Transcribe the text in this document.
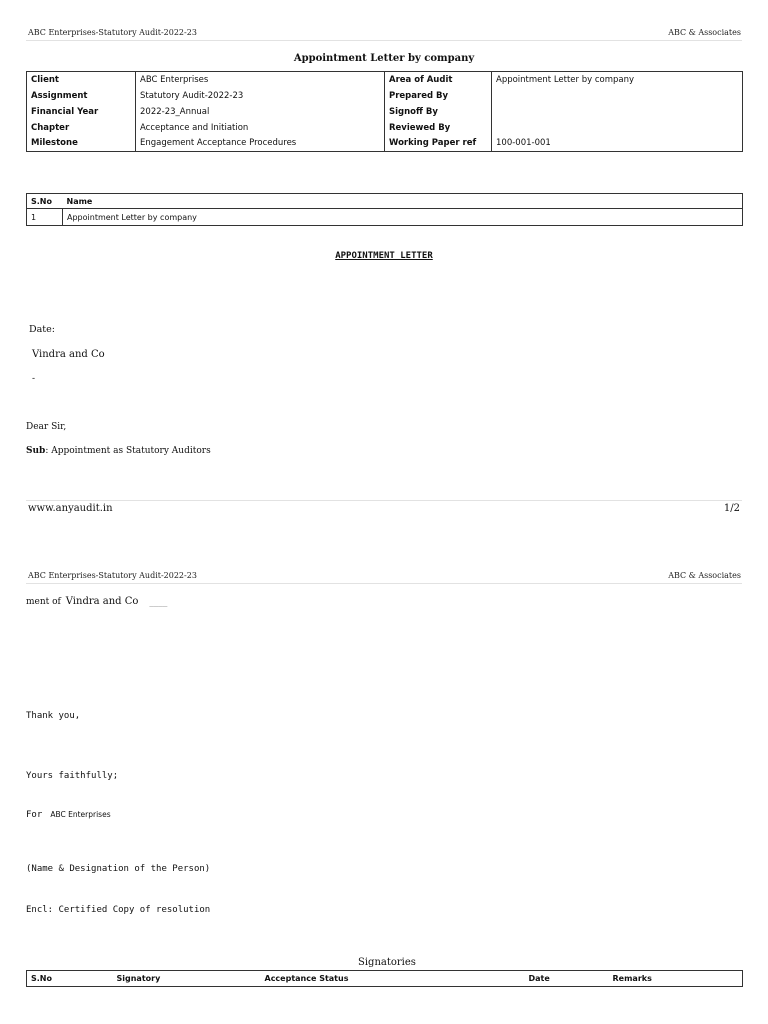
ABC Enterprises-Statutory Audit-2022-23	ABC & Associates
Appointment Letter by company
Client	ABC Enterprises	Area of Audit	Appointment Letter by company
Assignment	Statutory Audit-2022-23	Prepared By	
Financial Year	2022-23_Annual	Signoff By	
Chapter	Acceptance and Initiation	Reviewed By	
Milestone	Engagement Acceptance Procedures	Working Paper ref	100-001-001
S.No	Name
1	Appointment Letter by company
APPOINTMENT LETTER
Date:
Vindra and Co
-
Dear Sir,
Sub: Appointment as Statutory Auditors
www.anyaudit.in	1/2
ABC Enterprises-Statutory Audit-2022-23	ABC & Associates
ment of Vindra and Co ____
Thank you,
Yours faithfully;
For ABC Enterprises
(Name & Designation of the Person)
Encl: Certified Copy of resolution
Signatories
S.No	Signatory	Acceptance Status	Date	Remarks
